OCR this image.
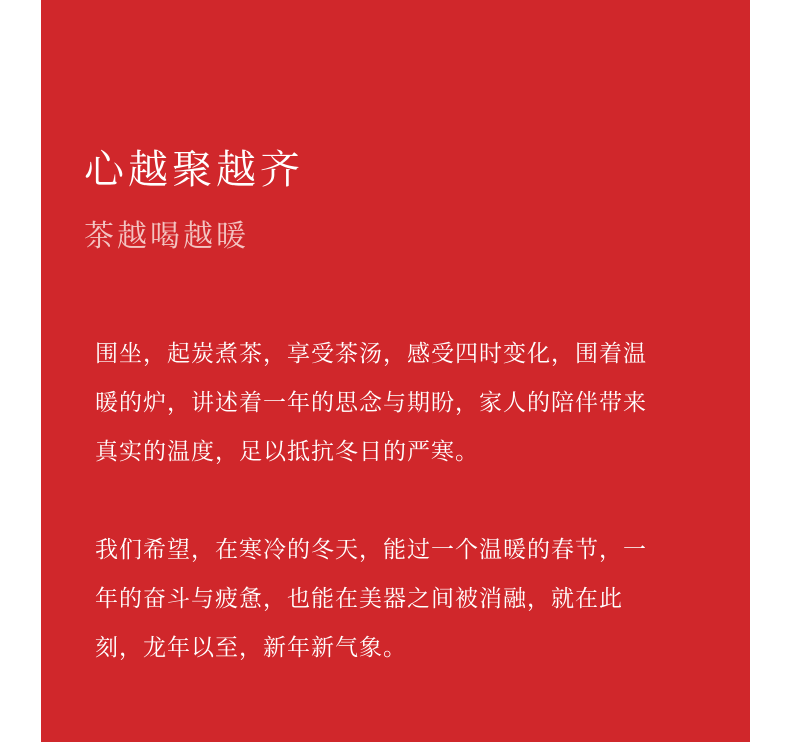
心越聚越齐
茶越喝越暖

围坐，起炭煮茶，享受茶汤，感受四时变化，围着温
暖的炉，讲述着一年的思念与期盼，家人的陪伴带来
真实的温度，足以抵抗冬日的严寒。

我们希望，在寒冷的冬天，能过一个温暖的春节，一
年的奋斗与疲惫，也能在美器之间被消融，就在此
刻，龙年以至，新年新气象。
